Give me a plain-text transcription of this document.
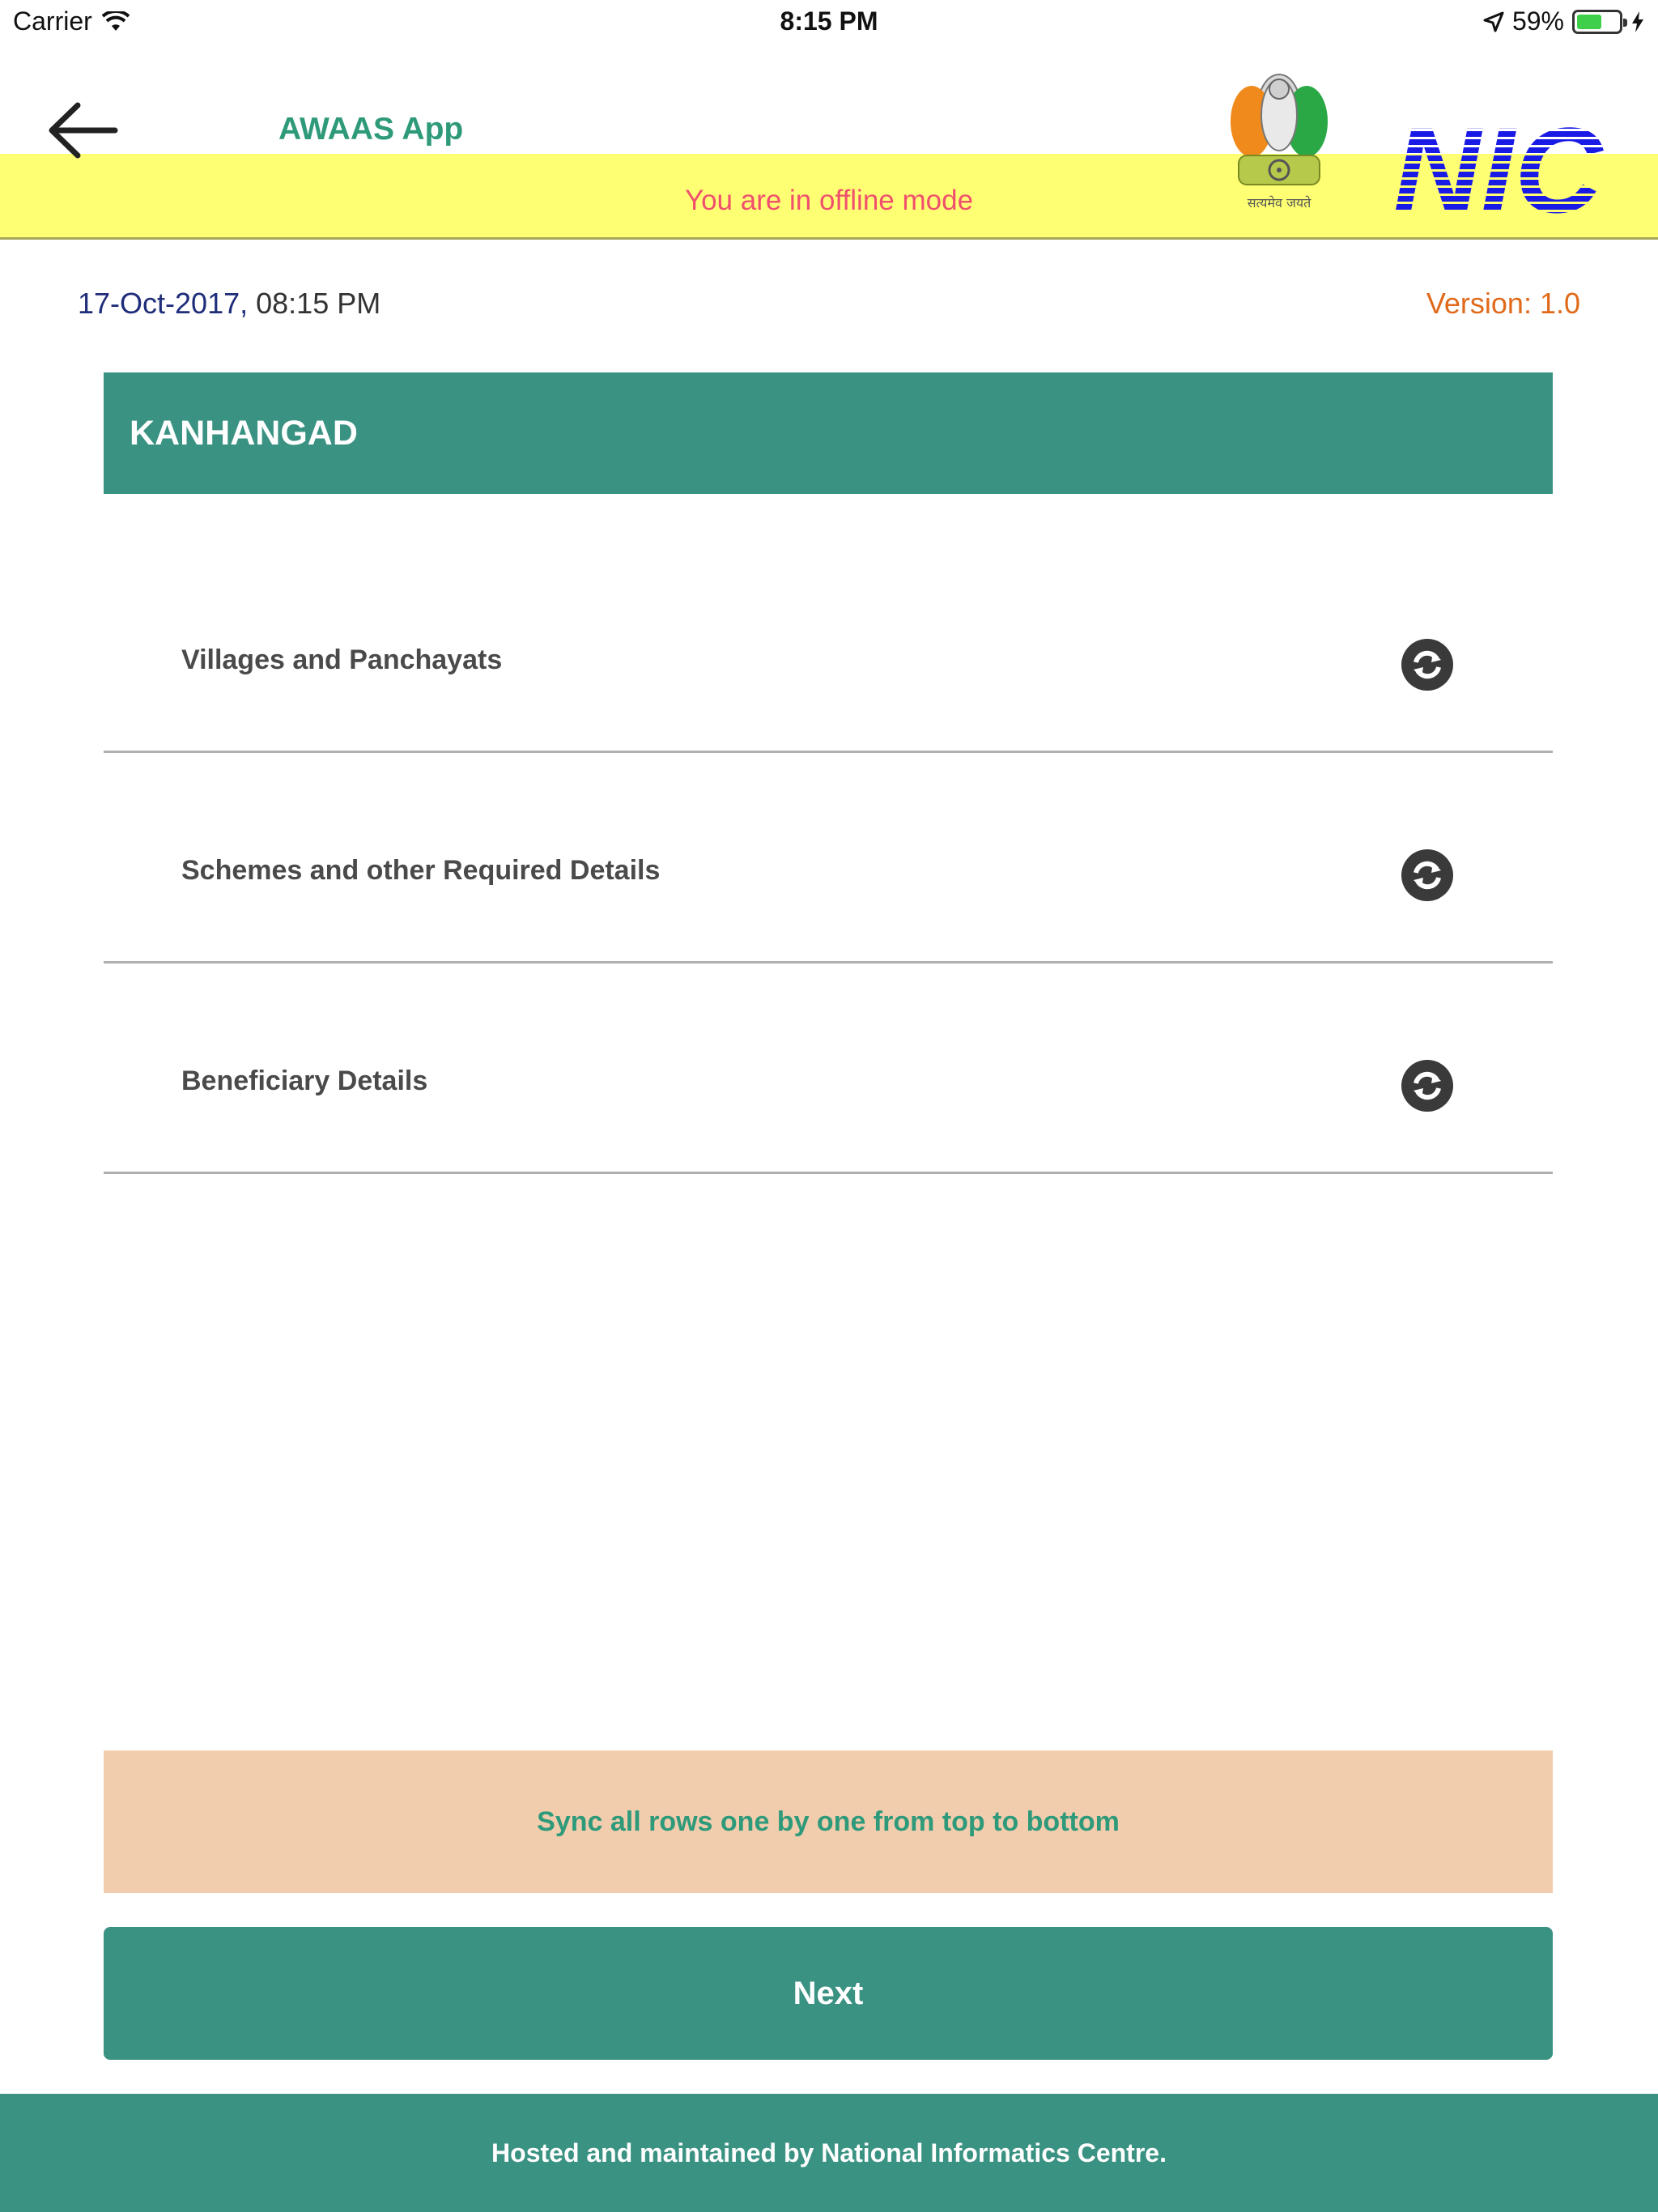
Carrier	8:15 PM	59%
You are in offline mode
AWAAS App
सत्यमेव जयते NIC
17-Oct-2017, 08:15 PM	Version: 1.0
KANHANGAD
Villages and Panchayats
Schemes and other Required Details
Beneficiary Details
Sync all rows one by one from top to bottom
Next
Hosted and maintained by National Informatics Centre.
